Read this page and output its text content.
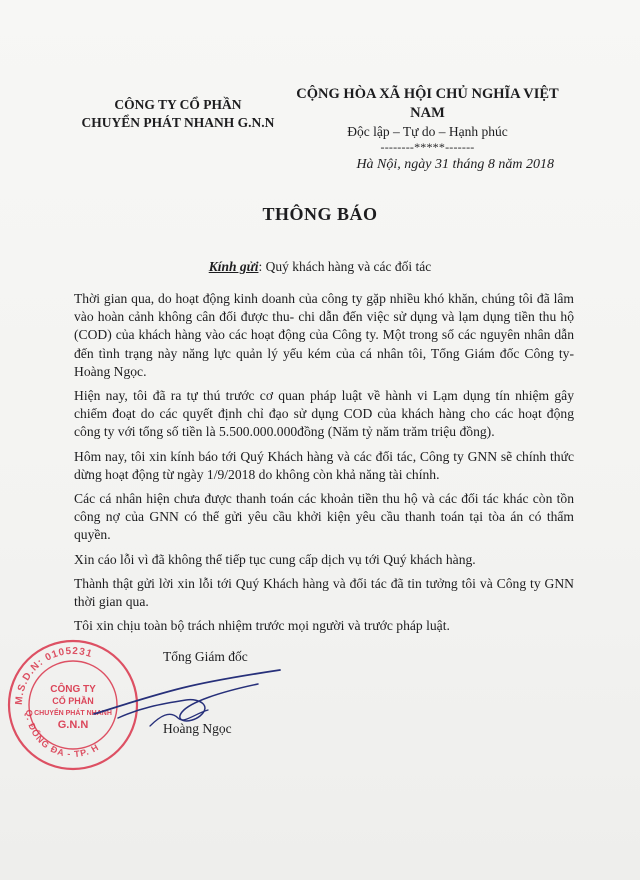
CÔNG TY CỔ PHẦN
CHUYỂN PHÁT NHANH G.N.N
CỘNG HÒA XÃ HỘI CHỦ NGHĨA VIỆT NAM
Độc lập – Tự do – Hạnh phúc
--------*****-------
Hà Nội, ngày 31 tháng 8 năm 2018
THÔNG BÁO
Kính gửi: Quý khách hàng và các đối tác

Thời gian qua, do hoạt động kinh doanh của công ty gặp nhiều khó khăn, chúng tôi đã lâm vào hoàn cảnh không cân đối được thu- chi dẫn đến việc sử dụng và lạm dụng tiền thu hộ (COD) của khách hàng vào các hoạt động của Công ty. Một trong số các nguyên nhân dẫn đến tình trạng này năng lực quản lý yếu kém của cá nhân tôi, Tổng Giám đốc Công ty- Hoàng Ngọc.

Hiện nay, tôi đã ra tự thú trước cơ quan pháp luật về hành vi Lạm dụng tín nhiệm gây chiếm đoạt do các quyết định chỉ đạo sử dụng COD của khách hàng cho các hoạt động công ty với tổng số tiền là 5.500.000.000đồng (Năm tỷ năm trăm triệu đồng).

Hôm nay, tôi xin kính báo tới Quý Khách hàng và các đối tác, Công ty GNN sẽ chính thức dừng hoạt động từ ngày 1/9/2018 do không còn khả năng tài chính.

Các cá nhân hiện chưa được thanh toán các khoản tiền thu hộ và các đối tác khác còn tồn công nợ của GNN có thể gửi yêu cầu khởi kiện yêu cầu thanh toán tại tòa án có thẩm quyền.

Xin cáo lỗi vì đã không thể tiếp tục cung cấp dịch vụ tới Quý khách hàng.

Thành thật gửi lời xin lỗi tới Quý Khách hàng và đối tác đã tin tưởng tôi và Công ty GNN thời gian qua.

Tôi xin chịu toàn bộ trách nhiệm trước mọi người và trước pháp luật.

M.S.D.N: 0105231
Q. ĐỐNG ĐA - TP. H
CÔNG TY
CỔ PHẦN
CHUYỂN PHÁT NHANH
G.N.N
Tổng Giám đốc
Hoàng Ngọc
